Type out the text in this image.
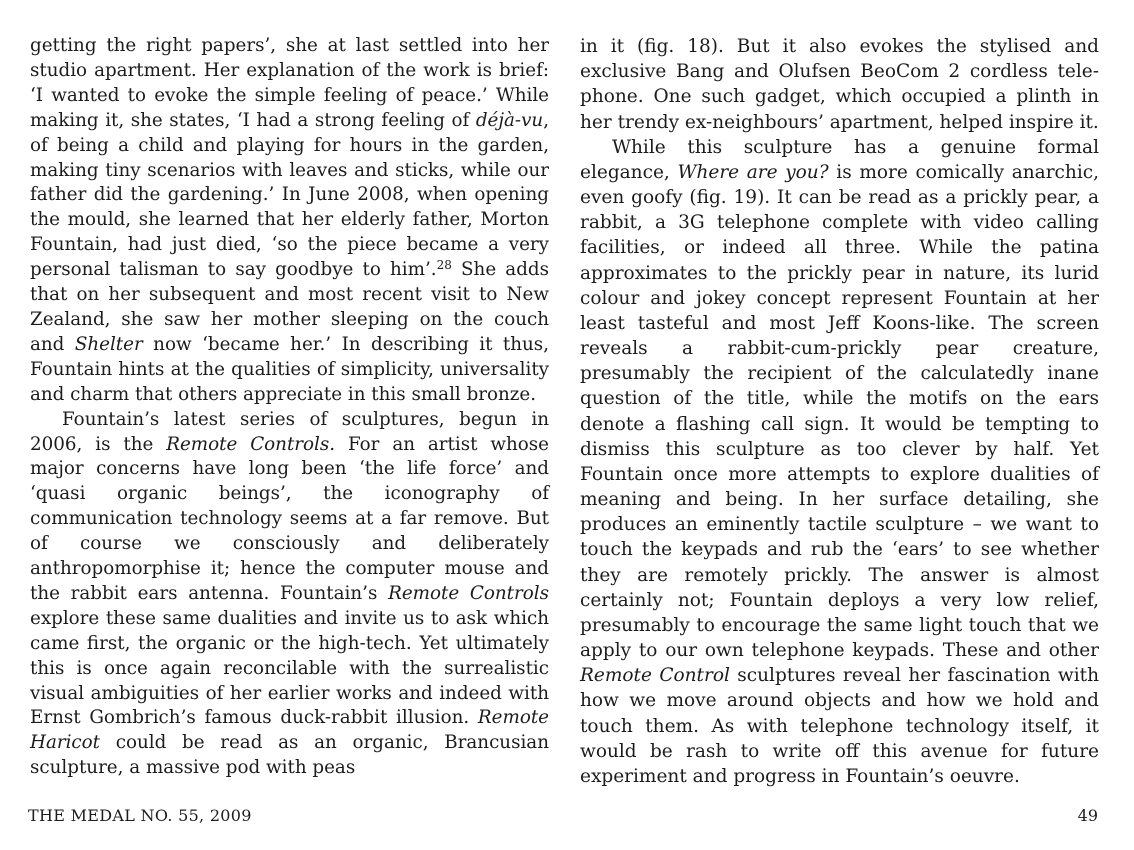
getting the right papers’, she at last settled into her studio apartment. Her explanation of the work is brief: ‘I wanted to evoke the simple feeling of peace.’ While making it, she states, ‘I had a strong feeling of déjà-vu, of being a child and playing for hours in the garden, making tiny scenarios with leaves and sticks, while our father did the gardening.’ In June 2008, when opening the mould, she learned that her elderly father, Morton Fountain, had just died, ‘so the piece became a very personal talisman to say goodbye to him’.$^{28}$ She adds that on her subsequent and most recent visit to New Zealand, she saw her mother sleeping on the couch and Shelter now ‘became her.’ In describing it thus, Fountain hints at the qualities of simplicity, universality and charm that others appreciate in this small bronze.

Fountain’s latest series of sculptures, begun in 2006, is the Remote Controls. For an artist whose major concerns have long been ‘the life force’ and ‘quasi organic beings’, the iconography of communication technology seems at a far remove. But of course we consciously and deliberately anthropomorphise it; hence the computer mouse and the rabbit ears antenna. Fountain’s Remote Controls explore these same dualities and invite us to ask which came first, the organic or the high-tech. Yet ultimately this is once again reconcilable with the surrealistic visual ambiguities of her earlier works and indeed with Ernst Gombrich’s famous duck-rabbit illusion. Remote Haricot could be read as an organic, Brancusian sculpture, a massive pod with peas

in it (fig. 18). But it also evokes the stylised and exclusive Bang and Olufsen BeoCom 2 cordless tele-phone. One such gadget, which occupied a plinth in her trendy ex-neighbours’ apartment, helped inspire it.

While this sculpture has a genuine formal elegance, Where are you? is more comically anarchic, even goofy (fig. 19). It can be read as a prickly pear, a rabbit, a 3G telephone complete with video calling facilities, or indeed all three. While the patina approximates to the prickly pear in nature, its lurid colour and jokey concept represent Fountain at her least tasteful and most Jeff Koons-like. The screen reveals a rabbit-cum-prickly pear creature, presumably the recipient of the calculatedly inane question of the title, while the motifs on the ears denote a flashing call sign. It would be tempting to dismiss this sculpture as too clever by half. Yet Fountain once more attempts to explore dualities of meaning and being. In her surface detailing, she produces an eminently tactile sculpture – we want to touch the keypads and rub the ‘ears’ to see whether they are remotely prickly. The answer is almost certainly not; Fountain deploys a very low relief, presumably to encourage the same light touch that we apply to our own telephone keypads. These and other Remote Control sculptures reveal her fascination with how we move around objects and how we hold and touch them. As with telephone technology itself, it would be rash to write off this avenue for future experiment and progress in Fountain’s oeuvre.

THE MEDAL NO. 55, 2009	49
